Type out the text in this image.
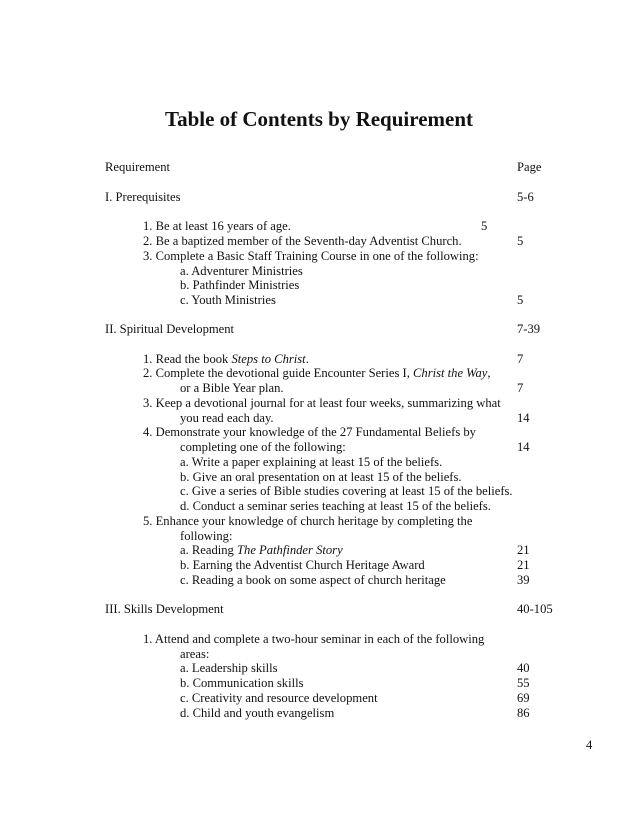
Table of Contents by Requirement
Requirement	Page
I. Prerequisites	5-6
1. Be at least 16 years of age.	5
2. Be a baptized member of the Seventh-day Adventist Church.	5
3. Complete a Basic Staff Training Course in one of the following:
a. Adventurer Ministries
b. Pathfinder Ministries
c. Youth Ministries	5
II. Spiritual Development	7-39
1. Read the book Steps to Christ.	7
2. Complete the devotional guide Encounter Series I, Christ the Way,
or a Bible Year plan.	7
3. Keep a devotional journal for at least four weeks, summarizing what
you read each day.	14
4. Demonstrate your knowledge of the 27 Fundamental Beliefs by
completing one of the following:	14
a. Write a paper explaining at least 15 of the beliefs.
b. Give an oral presentation on at least 15 of the beliefs.
c. Give a series of Bible studies covering at least 15 of the beliefs.
d. Conduct a seminar series teaching at least 15 of the beliefs.
5. Enhance your knowledge of church heritage by completing the
following:
a. Reading The Pathfinder Story	21
b. Earning the Adventist Church Heritage Award	21
c. Reading a book on some aspect of church heritage	39
III. Skills Development	40-105
1. Attend and complete a two-hour seminar in each of the following
areas:
a. Leadership skills	40
b. Communication skills	55
c. Creativity and resource development	69
d. Child and youth evangelism	86
4
